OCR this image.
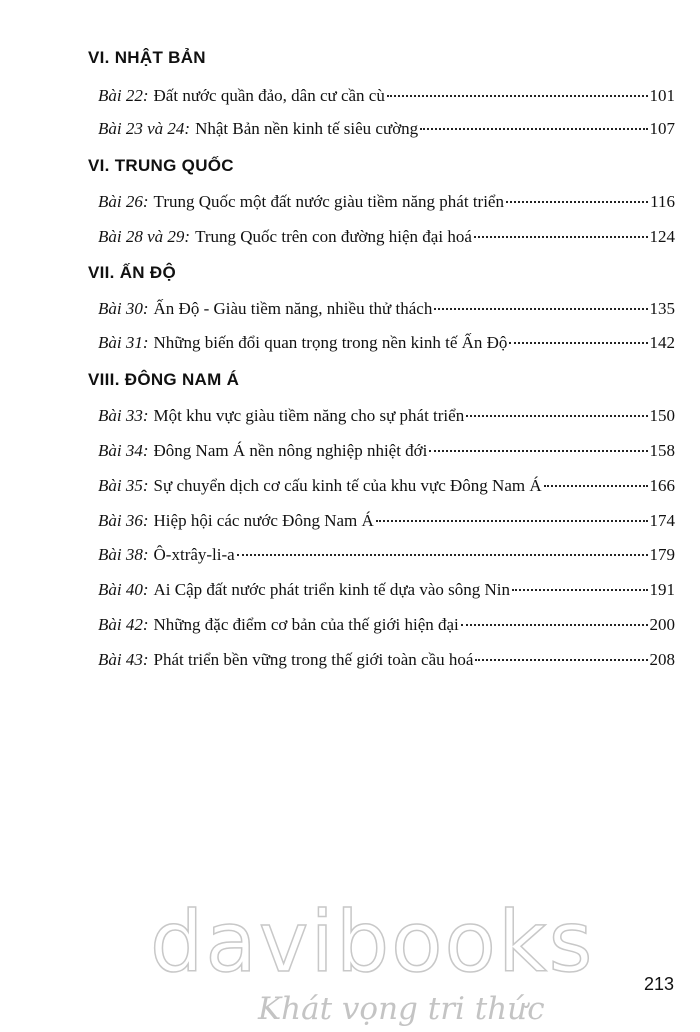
VI. NHẬT BẢN
Bài 22: Đất nước quần đảo, dân cư cần cù	101
Bài 23 và 24: Nhật Bản nền kinh tế siêu cường	107
VI. TRUNG QUỐC
Bài 26: Trung Quốc một đất nước giàu tiềm năng phát triển	116
Bài 28 và 29: Trung Quốc trên con đường hiện đại hoá	124
VII. ẤN ĐỘ
Bài 30: Ấn Độ - Giàu tiềm năng, nhiều thử thách	135
Bài 31: Những biến đổi quan trọng trong nền kinh tế Ấn Độ	142
VIII. ĐÔNG NAM Á
Bài 33: Một khu vực giàu tiềm năng cho sự phát triển	150
Bài 34: Đông Nam Á nền nông nghiệp nhiệt đới	158
Bài 35: Sự chuyển dịch cơ cấu kinh tế của khu vực Đông Nam Á	166
Bài 36: Hiệp hội các nước Đông Nam Á	174
Bài 38: Ô-xtrây-li-a	179
Bài 40: Ai Cập đất nước phát triển kinh tế dựa vào sông Nin	191
Bài 42: Những đặc điểm cơ bản của thế giới hiện đại	200
Bài 43: Phát triển bền vững trong thế giới toàn cầu hoá	208
davibooks
Khát vọng tri thức
213
